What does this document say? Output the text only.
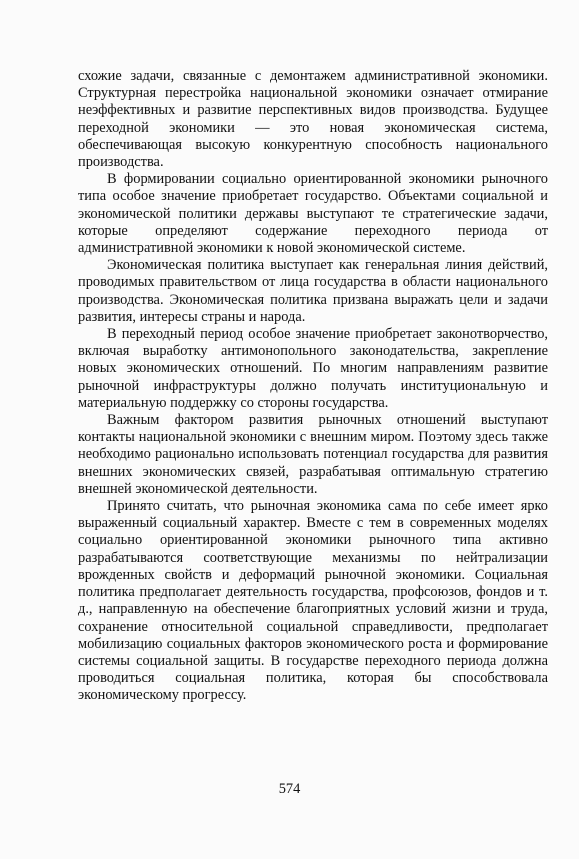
схожие задачи, связанные с демонтажем административной экономики. Структурная перестройка национальной экономики означает отмирание неэффективных и развитие перспективных видов производства. Будущее переходной экономики — это новая экономическая система, обеспечивающая высокую конкурентную способность национального производства.

В формировании социально ориентированной экономики рыночного типа особое значение приобретает государство. Объектами социальной и экономической политики державы выступают те стратегические задачи, которые определяют содержание переходного периода от административной экономики к новой экономической системе.

Экономическая политика выступает как генеральная линия действий, проводимых правительством от лица государства в области национального производства. Экономическая политика призвана выражать цели и задачи развития, интересы страны и народа.

В переходный период особое значение приобретает законотворчество, включая выработку антимонопольного законодательства, закрепление новых экономических отношений. По многим направлениям развитие рыночной инфраструктуры должно получать институциональную и материальную поддержку со стороны государства.

Важным фактором развития рыночных отношений выступают контакты национальной экономики с внешним миром. Поэтому здесь также необходимо рационально использовать потенциал государства для развития внешних экономических связей, разрабатывая оптимальную стратегию внешней экономической деятельности.

Принято считать, что рыночная экономика сама по себе имеет ярко выраженный социальный характер. Вместе с тем в современных моделях социально ориентированной экономики рыночного типа активно разрабатываются соответствующие механизмы по нейтрализации врожденных свойств и деформаций рыночной экономики. Социальная политика предполагает деятельность государства, профсоюзов, фондов и т. д., направленную на обеспечение благоприятных условий жизни и труда, сохранение относительной социальной справедливости, предполагает мобилизацию социальных факторов экономического роста и формирование системы социальной защиты. В государстве переходного периода должна проводиться социальная политика, которая бы способствовала экономическому прогрессу.

574
